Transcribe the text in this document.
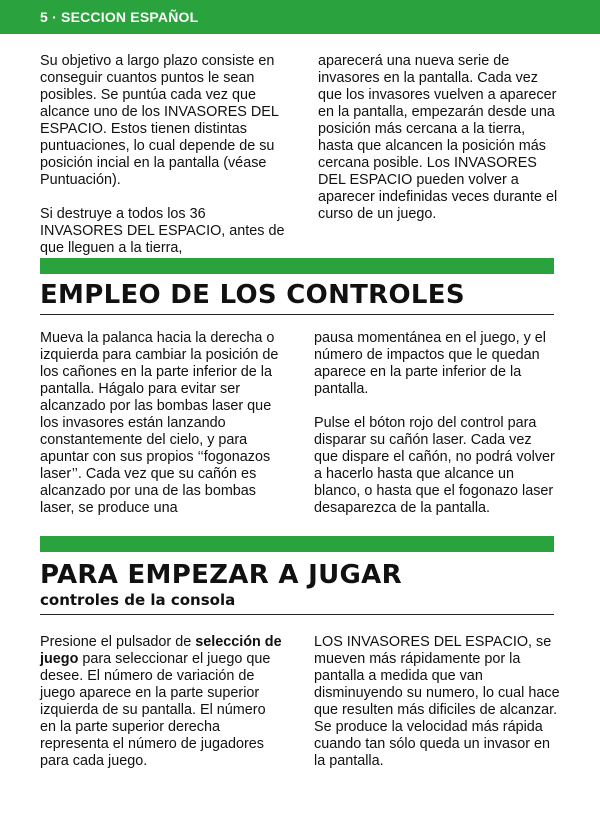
5 · SECCION ESPAÑOL

Su objetivo a largo plazo consiste en conseguir cuantos puntos le sean posibles. Se puntúa cada vez que alcance uno de los INVASORES DEL ESPACIO. Estos tienen distintas puntuaciones, lo cual depende de su posición incial en la pantalla (véase Puntuación).

Si destruye a todos los 36 INVASORES DEL ESPACIO, antes de que lleguen a la tierra,

aparecerá una nueva serie de invasores en la pantalla. Cada vez que los invasores vuelven a aparecer en la pantalla, empezarán desde una posición más cercana a la tierra, hasta que alcancen la posición más cercana posible. Los INVASORES DEL ESPACIO pueden volver a aparecer indefinidas veces durante el curso de un juego.

EMPLEO DE LOS CONTROLES

Mueva la palanca hacia la derecha o izquierda para cambiar la posición de los cañones en la parte inferior de la pantalla. Hágalo para evitar ser alcanzado por las bombas laser que los invasores están lanzando constantemente del cielo, y para apuntar con sus propios ‘‘fogonazos laser’’. Cada vez que su cañón es alcanzado por una de las bombas laser, se produce una

pausa momentánea en el juego, y el número de impactos que le quedan aparece en la parte inferior de la pantalla.

Pulse el bóton rojo del control para disparar su cañón laser. Cada vez que dispare el cañón, no podrá volver a hacerlo hasta que alcance un blanco, o hasta que el fogonazo laser desaparezca de la pantalla.

PARA EMPEZAR A JUGAR
controles de la consola

Presione el pulsador de selección de juego para seleccionar el juego que desee. El número de variación de juego aparece en la parte superior izquierda de su pantalla. El número en la parte superior derecha representa el número de jugadores para cada juego.

LOS INVASORES DEL ESPACIO, se mueven más rápidamente por la pantalla a medida que van disminuyendo su numero, lo cual hace que resulten más dificiles de alcanzar. Se produce la velocidad más rápida cuando tan sólo queda un invasor en la pantalla.
